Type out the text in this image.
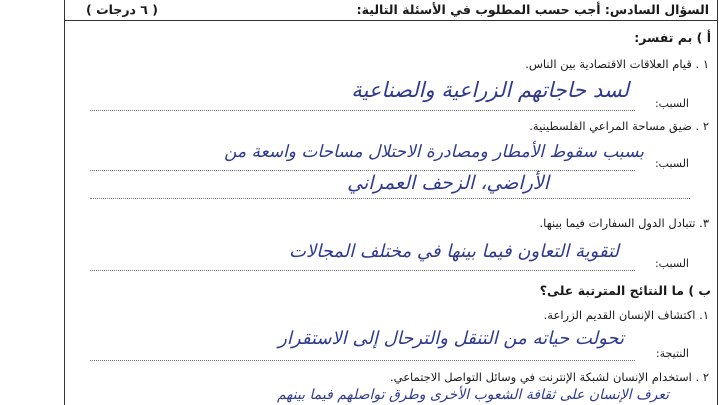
السؤال السادس: أجب حسب المطلوب في الأسئلة التالية:
( ٦ درجات )
أ ) بم تفسر:
١ . قيام العلاقات الاقتصادية بين الناس.
السبب:
لسد حاجاتهم الزراعية والصناعية
٢ . ضيق مساحة المراعي الفلسطينية.
السبب:
بسبب سقوط الأمطار ومصادرة الاحتلال مساحات واسعة من
الأراضي، الزحف العمراني
٣. تتبادل الدول السفارات فيما بينها.
السبب:
لتقوية التعاون فيما بينها في مختلف المجالات
ب ) ما النتائج المترتبة على؟
١. اكتشاف الإنسان القديم الزراعة.
النتيجة:
تحولت حياته من التنقل والترحال إلى الاستقرار
٢ . استخدام الإنسان لشبكة الإنترنت في وسائل التواصل الاجتماعي.
تعرف الإنسان على ثقافة الشعوب الأخرى وطرق تواصلهم فيما بينهم
